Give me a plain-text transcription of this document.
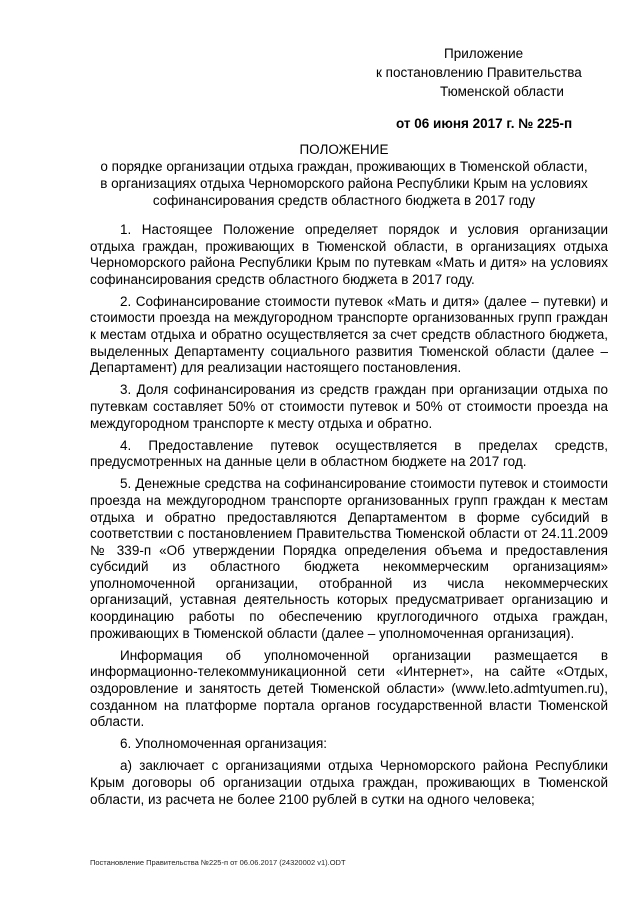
Приложение
к постановлению Правительства
Тюменской области
от 06 июня 2017 г. № 225-п
ПОЛОЖЕНИЕ
о порядке организации отдыха граждан, проживающих в Тюменской области,
в организациях отдыха Черноморского района Республики Крым на условиях
софинансирования средств областного бюджета в 2017 году

1. Настоящее Положение определяет порядок и условия организации отдыха граждан, проживающих в Тюменской области, в организациях отдыха Черноморского района Республики Крым по путевкам «Мать и дитя» на условиях софинансирования средств областного бюджета в 2017 году.

2. Софинансирование стоимости путевок «Мать и дитя» (далее – путевки) и стоимости проезда на междугородном транспорте организованных групп граждан к местам отдыха и обратно осуществляется за счет средств областного бюджета, выделенных Департаменту социального развития Тюменской области (далее – Департамент) для реализации настоящего постановления.

3. Доля софинансирования из средств граждан при организации отдыха по путевкам составляет 50% от стоимости путевок и 50% от стоимости проезда на междугородном транспорте к месту отдыха и обратно.

4. Предоставление путевок осуществляется в пределах средств, предусмотренных на данные цели в областном бюджете на 2017 год.

5. Денежные средства на софинансирование стоимости путевок и стоимости проезда на междугородном транспорте организованных групп граждан к местам отдыха и обратно предоставляются Департаментом в форме субсидий в соответствии с постановлением Правительства Тюменской области от 24.11.2009 № 339-п «Об утверждении Порядка определения объема и предоставления субсидий из областного бюджета некоммерческим организациям» уполномоченной организации, отобранной из числа некоммерческих организаций, уставная деятельность которых предусматривает организацию и координацию работы по обеспечению круглогодичного отдыха граждан, проживающих в Тюменской области (далее – уполномоченная организация).

Информация об уполномоченной организации размещается в информационно-телекоммуникационной сети «Интернет», на сайте «Отдых, оздоровление и занятость детей Тюменской области» (www.leto.admtyumen.ru), созданном на платформе портала органов государственной власти Тюменской области.

6. Уполномоченная организация:

а) заключает с организациями отдыха Черноморского района Республики Крым договоры об организации отдыха граждан, проживающих в Тюменской области, из расчета не более 2100 рублей в сутки на одного человека;

Постановление Правительства №225-п от 06.06.2017 (24320002 v1).ODT
